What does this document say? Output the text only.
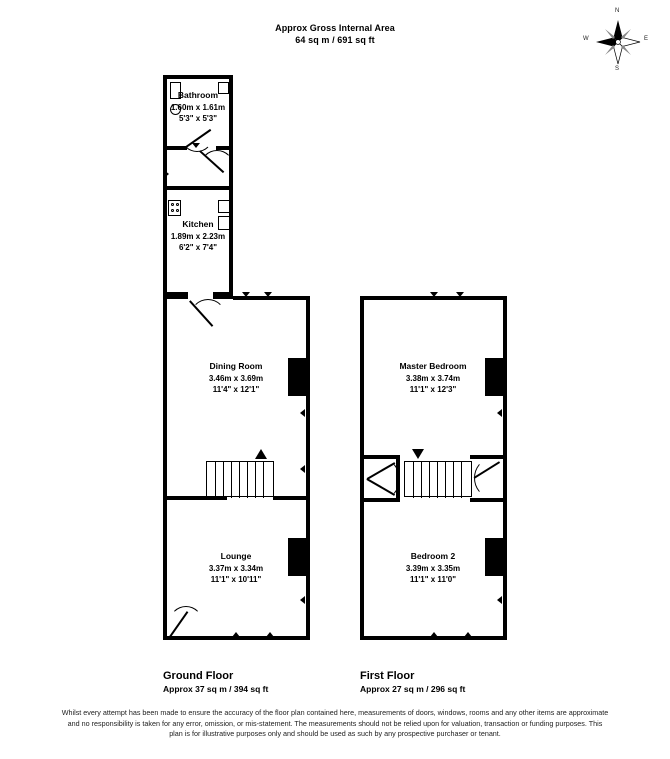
Approx Gross Internal Area
64 sq m / 691 sq ft
N
S
W	E
Bathroom
1.60m x 1.61m
5'3" x 5'3"
Kitchen
1.89m x 2.23m
6'2" x 7'4"
Dining Room
3.46m x 3.69m
11'4" x 12'1"
Lounge
3.37m x 3.34m
11'1" x 10'11"
Master Bedroom
3.38m x 3.74m
11'1" x 12'3"
Bedroom 2
3.39m x 3.35m
11'1" x 11'0"
Ground Floor
Approx 37 sq m / 394 sq ft
First Floor
Approx 27 sq m / 296 sq ft
Whilst every attempt has been made to ensure the accuracy of the floor plan contained here, measurements of doors, windows, rooms and any other items are approximate and no responsibility is taken for any error, omission, or mis-statement. The measurements should not be relied upon for valuation, transaction or funding purposes. This plan is for illustrative purposes only and should be used as such by any prospective purchaser or tenant.
